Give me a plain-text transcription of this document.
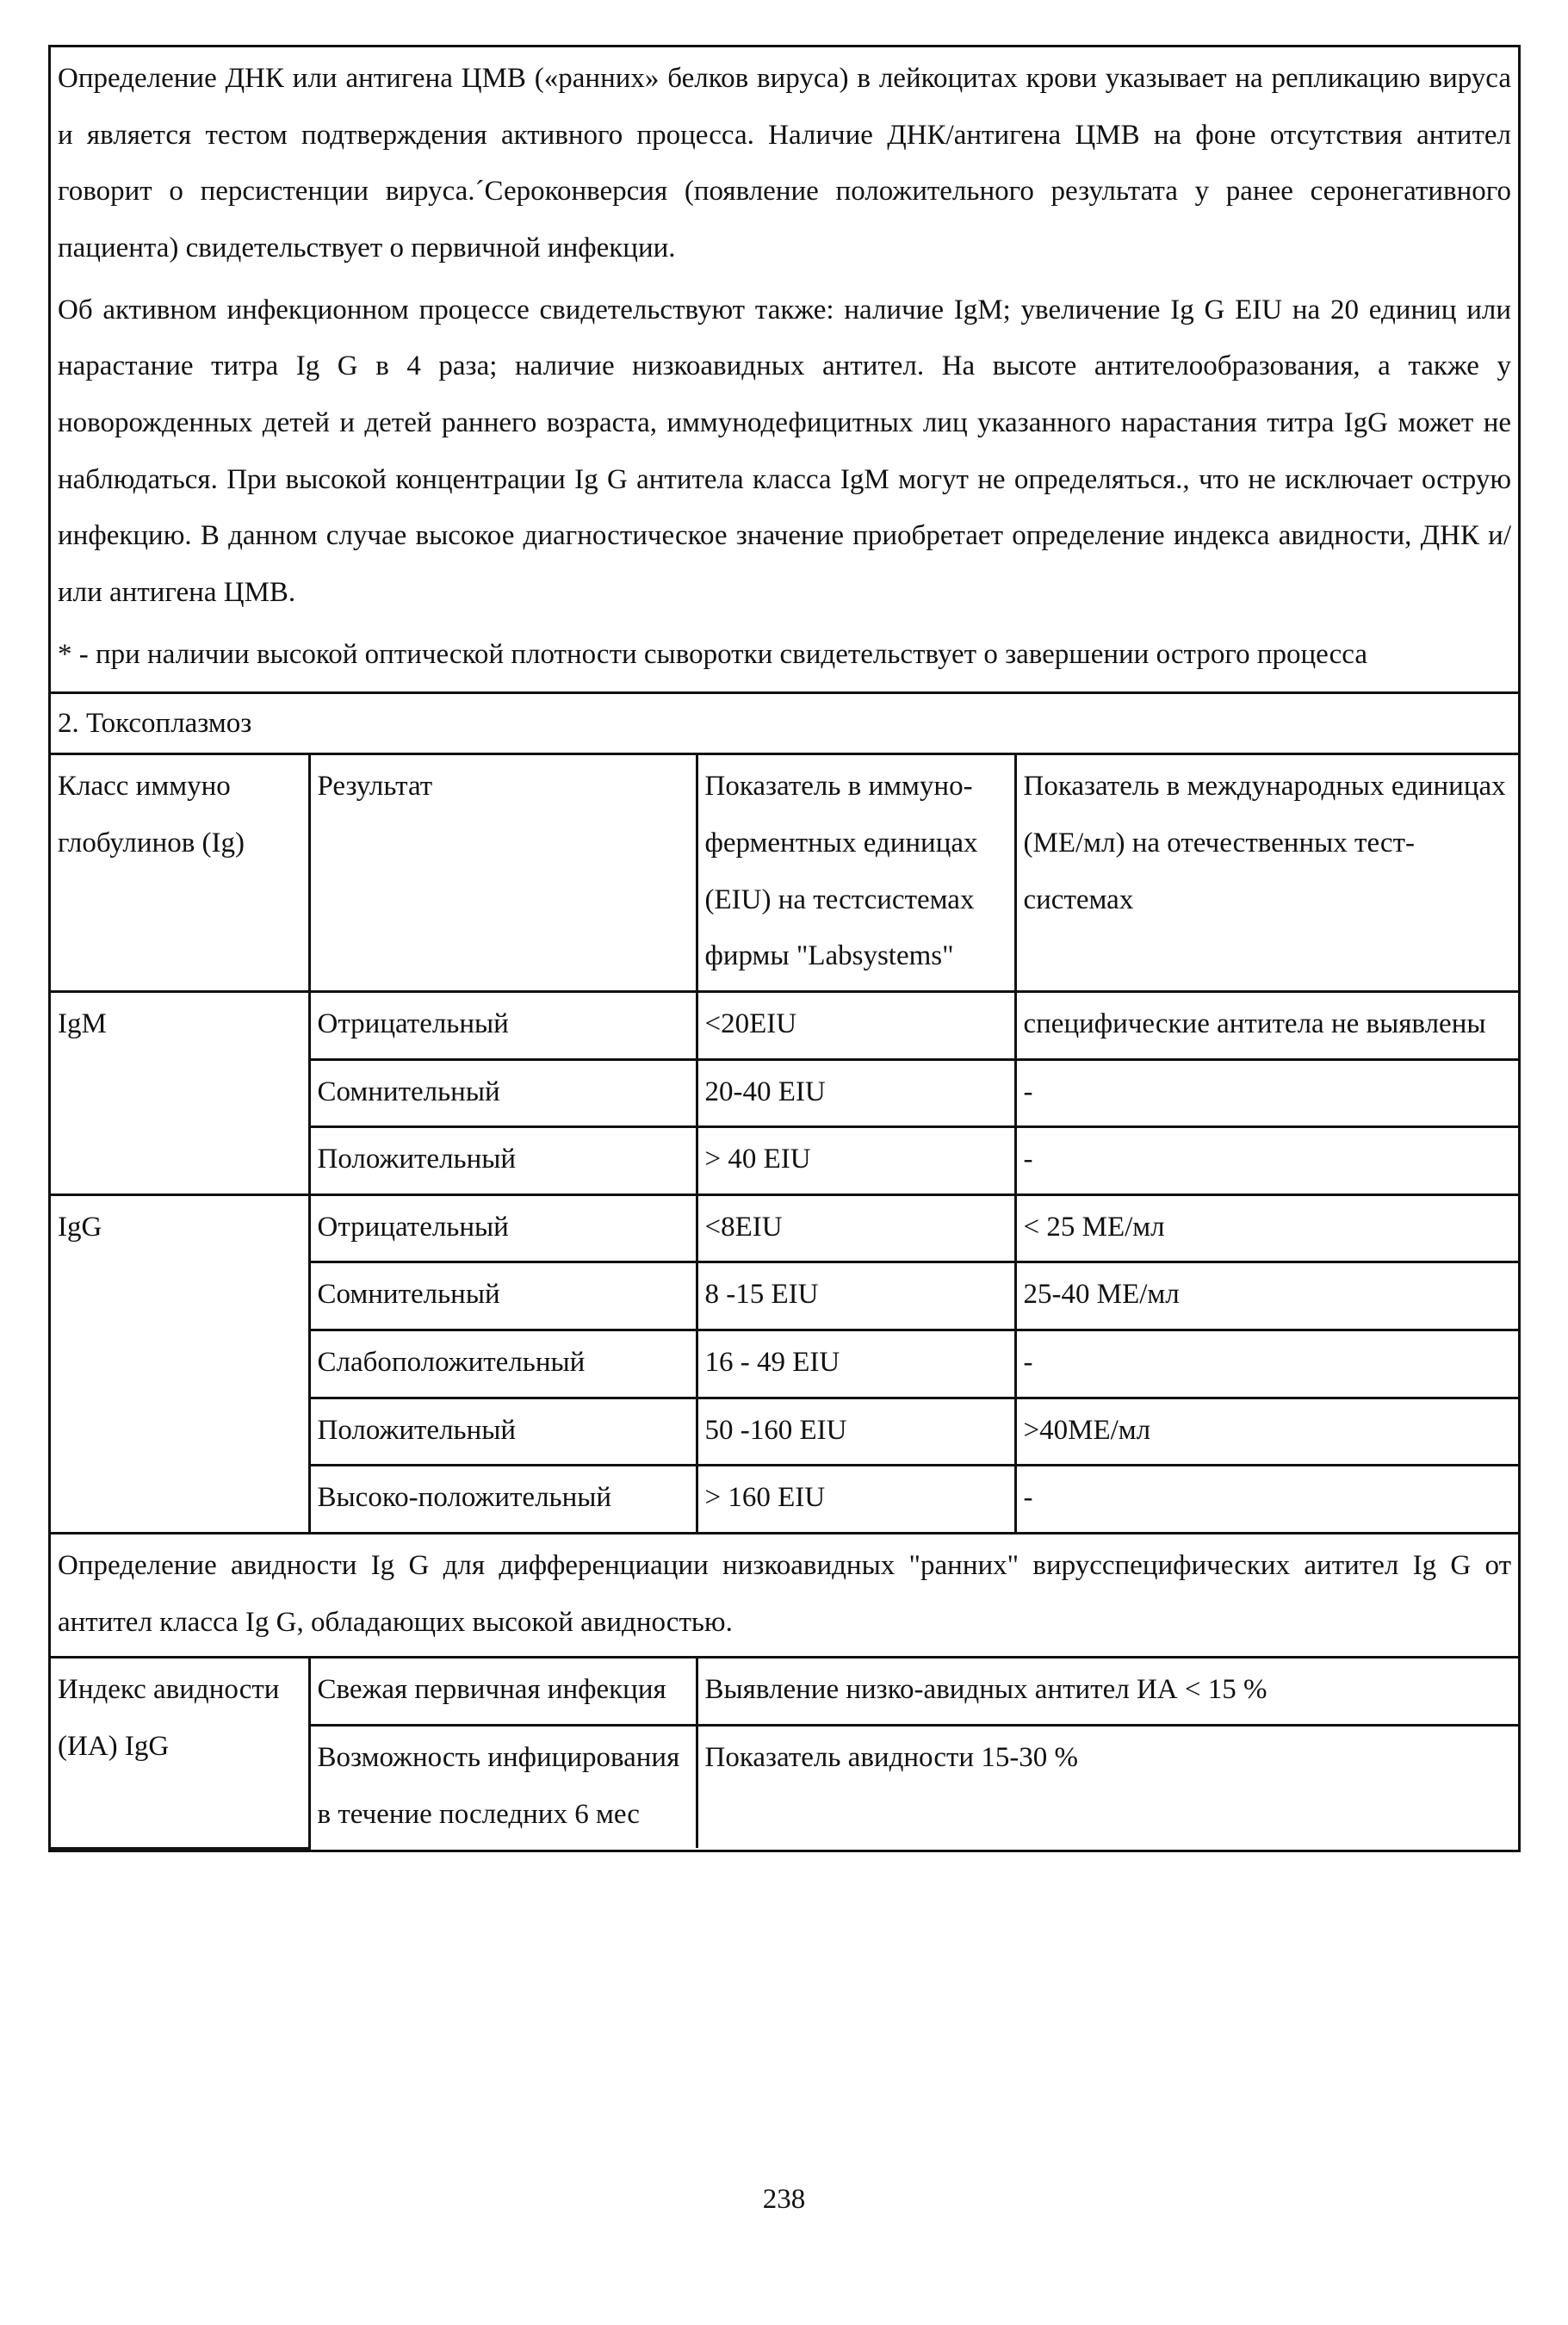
Определение ДНК или антигена ЦМВ («ранних» белков вируса) в лейкоцитах крови указывает на репликацию вируса и является тестом подтверждения активного процесса. Наличие ДНК/антигена ЦМВ на фоне отсутствия антител говорит о персистенции вируса.´Сероконверсия (появление положительного результата у ранее серонегативного пациента) свидетельствует о первичной инфекции.

Об активном инфекционном процессе свидетельствуют также: наличие IgM; увеличение Ig G EIU на 20 единиц или нарастание титра Ig G в 4 раза; наличие низкоавидных антител. На высоте антителообразования, а также у новорожденных детей и детей раннего возраста, иммунодефицитных лиц указанного нарастания титра IgG может не наблюдаться. При высокой концентрации Ig G антитела класса IgM могут не определяться., что не исключает острую инфекцию. В данном случае высокое диагностическое значение приобретает определение индекса авидности, ДНК и/или антигена ЦМВ.

* - при наличии высокой оптической плотности сыворотки свидетельствует о завершении острого процесса

2. Токсоплазмоз
Класс иммуно глобулинов (Ig)	Результат	Показатель в иммуно-ферментных единицах (EIU) на тестсистемах фирмы "Labsystems"	Показатель в международных единицах (МЕ/мл) на отечественных тест-системах
IgM	Отрицательный	<20EIU	специфические антитела не выявлены
	Сомнительный	20-40 EIU	-
	Положительный	> 40 EIU	-
IgG	Отрицательный	<8EIU	< 25 МЕ/мл
	Сомнительный	8 -15 EIU	25-40 МЕ/мл
	Слабоположительный	16 - 49 EIU	-
	Положительный	50 -160 EIU	>40МЕ/мл
	Высоко-положительный	> 160 EIU	-
Определение авидности Ig G для дифференциации низкоавидных "ранних" вирусспецифических аитител Ig G от антител класса Ig G, обладающих высокой авидностью.			
Индекс авидности (ИА) IgG	Свежая первичная инфекция	Выявление низко-авидных антител ИА < 15 %	
	Возможность инфицирования в течение последних 6 мес	Показатель авидности 15-30 %	
238
